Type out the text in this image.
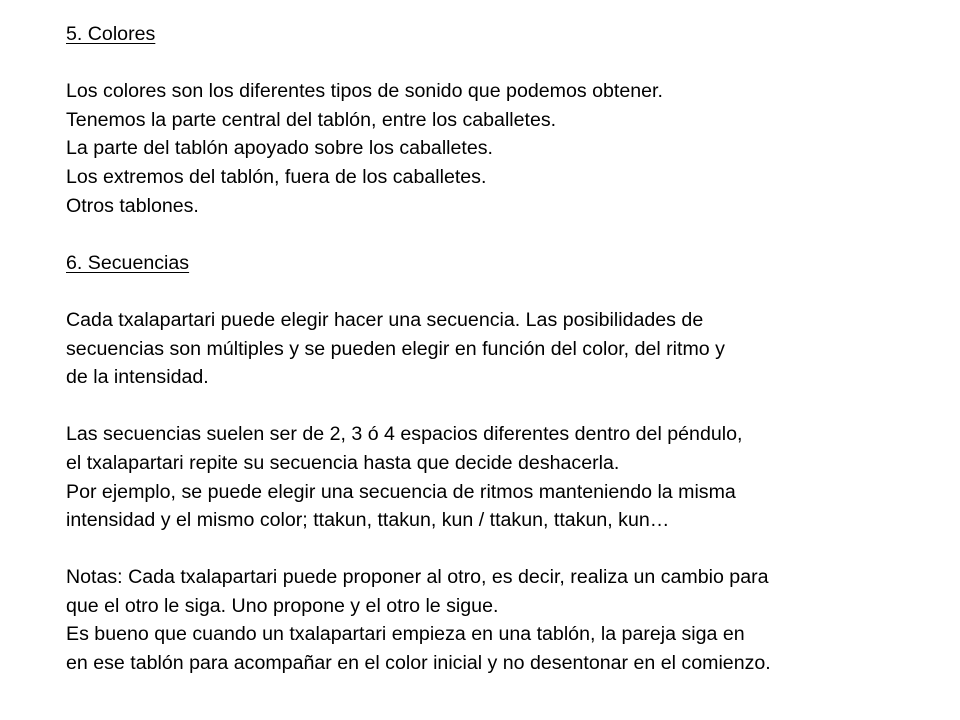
5. Colores
Los colores son los diferentes tipos de sonido que podemos obtener.
Tenemos la parte central del tablón, entre los caballetes.
La parte del tablón apoyado sobre los caballetes.
Los extremos del tablón, fuera de los caballetes.
Otros tablones.
6. Secuencias
Cada txalapartari puede elegir hacer una secuencia. Las posibilidades de
secuencias son múltiples y se pueden elegir en función del color, del ritmo y
de la intensidad.
Las secuencias suelen ser de 2, 3 ó 4 espacios diferentes dentro del péndulo,
el txalapartari repite su secuencia hasta que decide deshacerla.
Por ejemplo, se puede elegir una secuencia de ritmos manteniendo la misma
intensidad y el mismo color; ttakun, ttakun, kun / ttakun, ttakun, kun…
Notas: Cada txalapartari puede proponer al otro, es decir, realiza un cambio para
que el otro le siga. Uno propone y el otro le sigue.
Es bueno que cuando un txalapartari empieza en una tablón, la pareja siga en
en ese tablón para acompañar en el color inicial y no desentonar en el comienzo.
